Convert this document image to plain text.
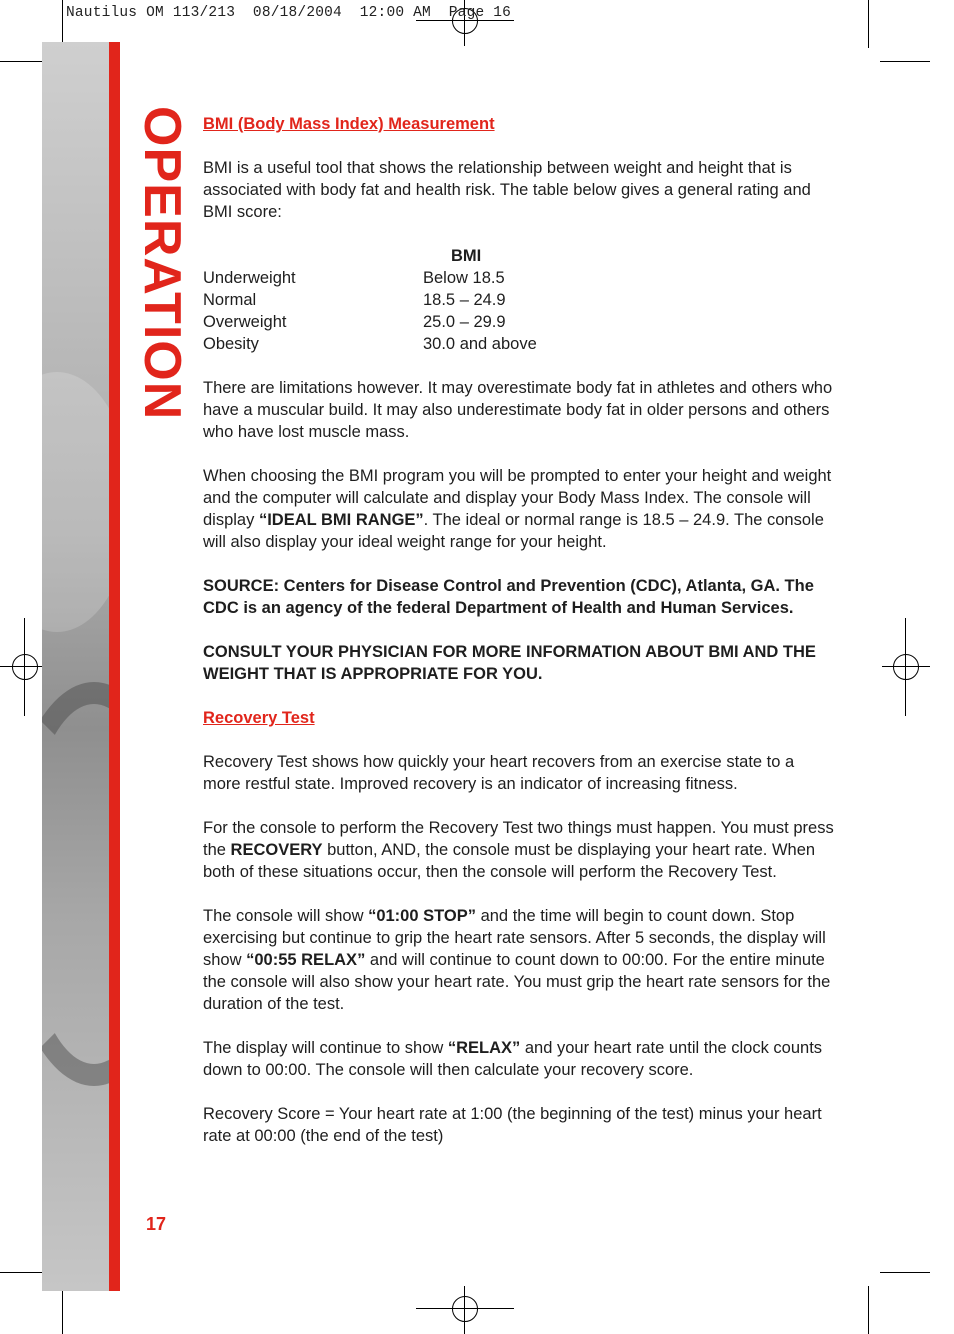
Nautilus OM 113/213  08/18/2004  12:00 AM  Page 16
OPERATION
17
BMI (Body Mass Index) Measurement

BMI is a useful tool that shows the relationship between weight and height that is associated with body fat and health risk. The table below gives a general rating and BMI score:

BMI
Underweight	Below 18.5
Normal	18.5 – 24.9
Overweight	25.0 – 29.9
Obesity	30.0 and above

There are limitations however. It may overestimate body fat in athletes and others who have a muscular build. It may also underestimate body fat in older persons and others who have lost muscle mass.

When choosing the BMI program you will be prompted to enter your height and weight and the computer will calculate and display your Body Mass Index. The console will display “IDEAL BMI RANGE”. The ideal or normal range is 18.5 – 24.9. The console will also display your ideal weight range for your height.

SOURCE: Centers for Disease Control and Prevention (CDC), Atlanta, GA. The CDC is an agency of the federal Department of Health and Human Services.

CONSULT YOUR PHYSICIAN FOR MORE INFORMATION ABOUT BMI AND THE WEIGHT THAT IS APPROPRIATE FOR YOU.

Recovery Test

Recovery Test shows how quickly your heart recovers from an exercise state to a more restful state. Improved recovery is an indicator of increasing fitness.

For the console to perform the Recovery Test two things must happen. You must press the RECOVERY button, AND, the console must be displaying your heart rate. When both of these situations occur, then the console will perform the Recovery Test.

The console will show “01:00 STOP” and the time will begin to count down. Stop exercising but continue to grip the heart rate sensors. After 5 seconds, the display will show “00:55 RELAX” and will continue to count down to 00:00. For the entire minute the console will also show your heart rate. You must grip the heart rate sensors for the duration of the test.

The display will continue to show “RELAX” and your heart rate until the clock counts down to 00:00. The console will then calculate your recovery score.

Recovery Score = Your heart rate at 1:00 (the beginning of the test) minus your heart rate at 00:00 (the end of the test)
